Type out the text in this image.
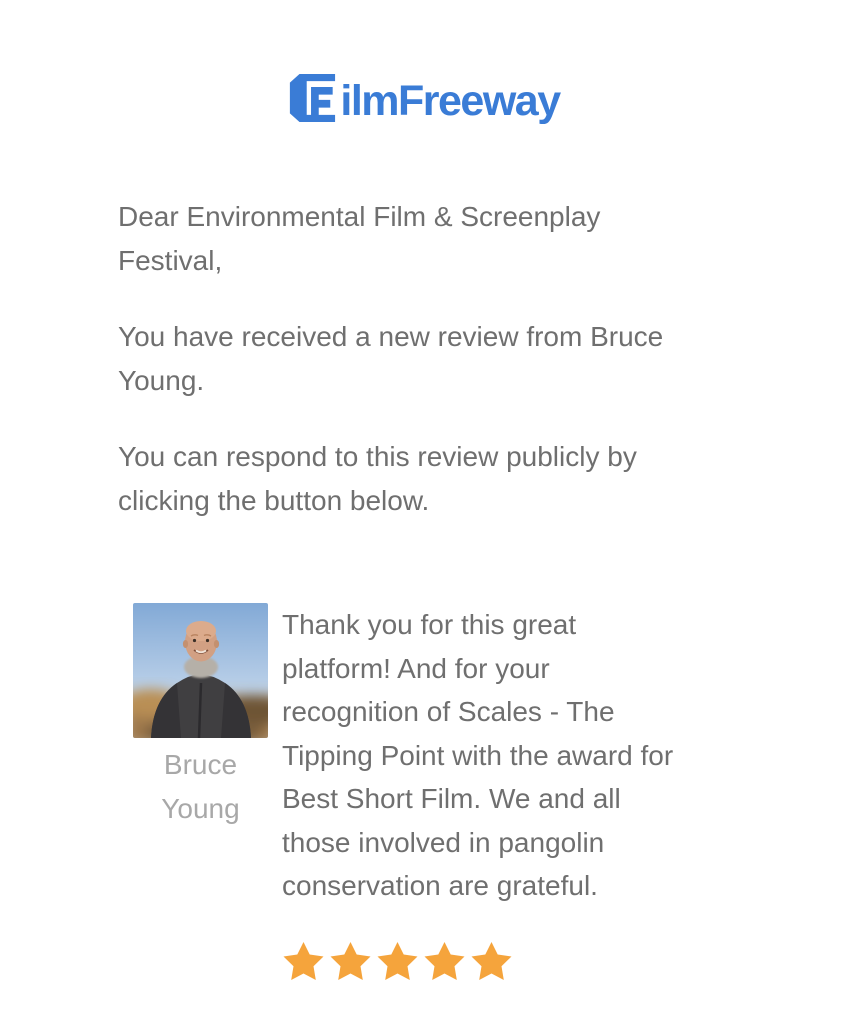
ilmFreeway

Dear Environmental Film & Screenplay
Festival,

You have received a new review from Bruce
Young.

You can respond to this review publicly by
clicking the button below.

Bruce
Young
Thank you for this great
platform! And for your
recognition of Scales - The
Tipping Point with the award for
Best Short Film. We and all
those involved in pangolin
conservation are grateful.
